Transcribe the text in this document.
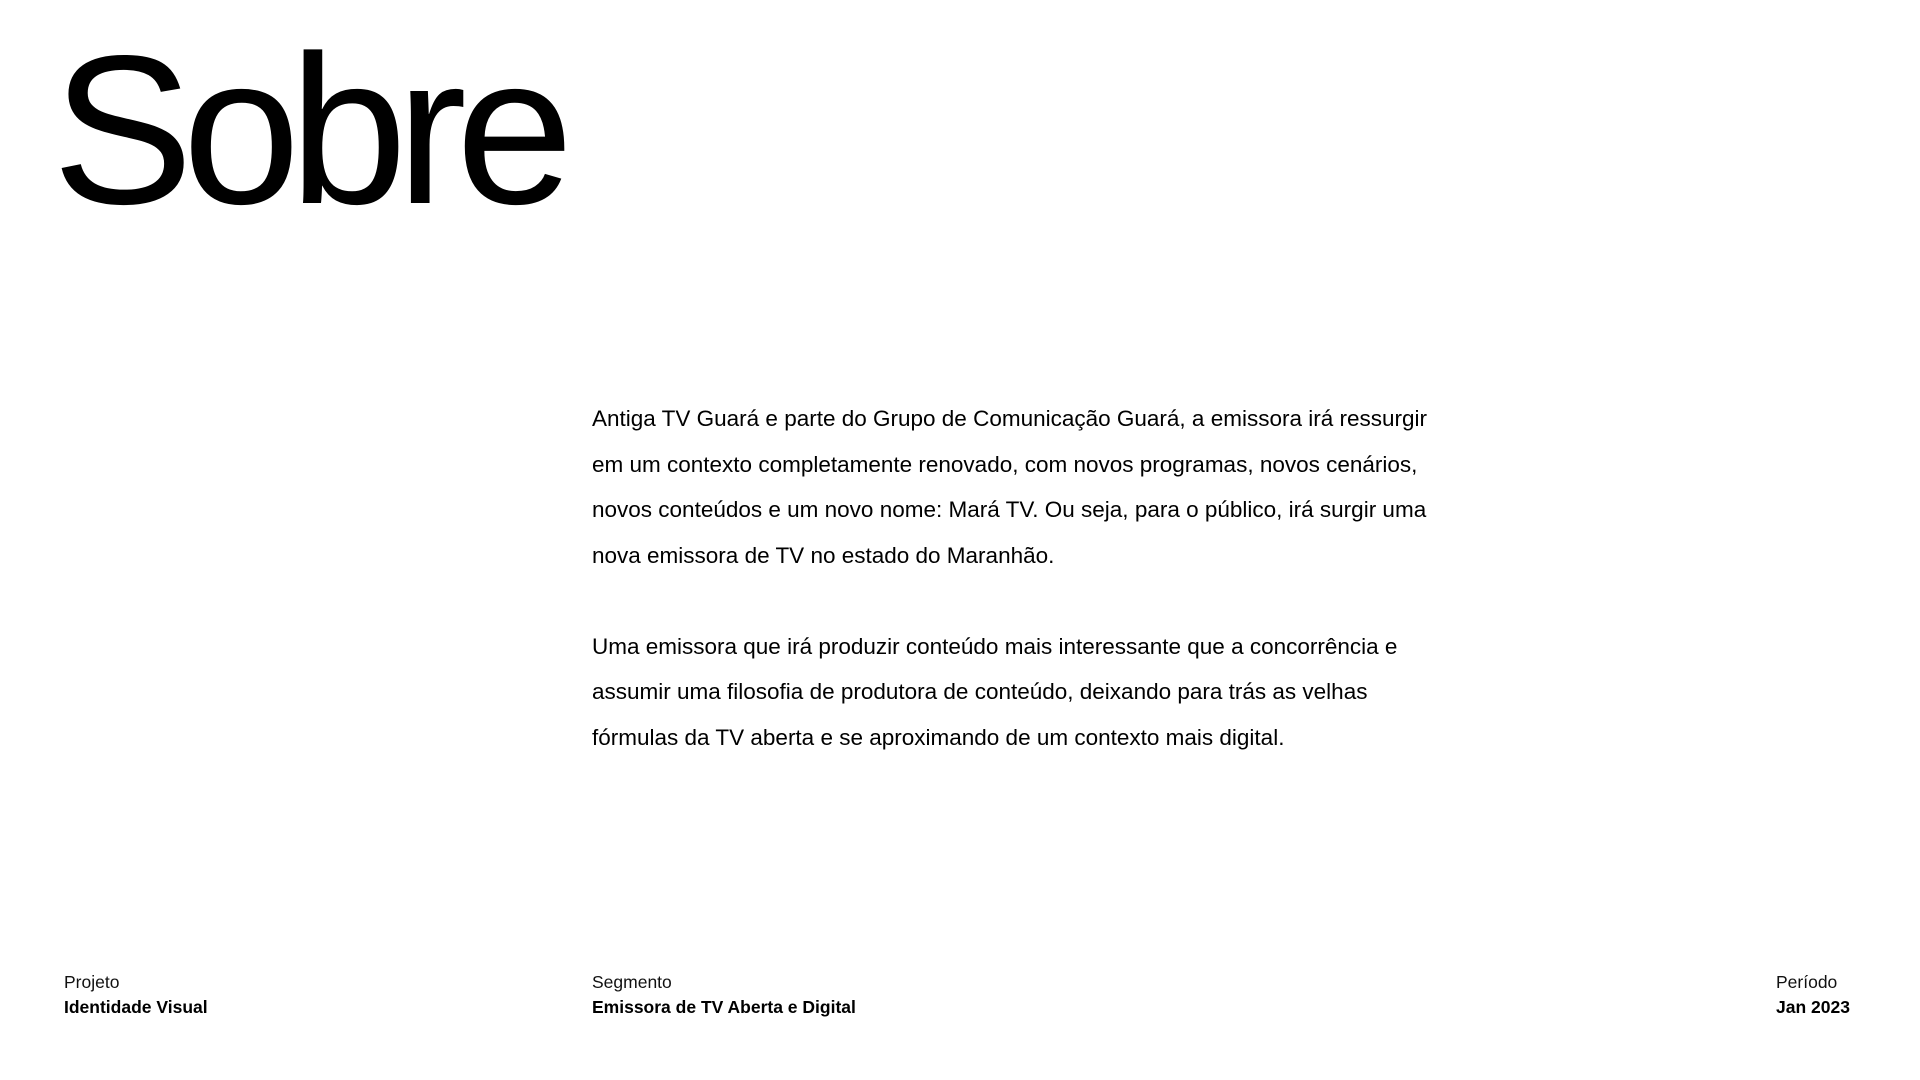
Sobre

Antiga TV Guará e parte do Grupo de Comunicação Guará, a emissora irá ressurgir em um contexto completamente renovado, com novos programas, novos cenários, novos conteúdos e um novo nome: Mará TV. Ou seja, para o público, irá surgir uma nova emissora de TV no estado do Maranhão.

Uma emissora que irá produzir conteúdo mais interessante que a concorrência e assumir uma filosofia de produtora de conteúdo, deixando para trás as velhas fórmulas da TV aberta e se aproximando de um contexto mais digital.

Projeto
Identidade Visual
Segmento
Emissora de TV Aberta e Digital
Período
Jan 2023
